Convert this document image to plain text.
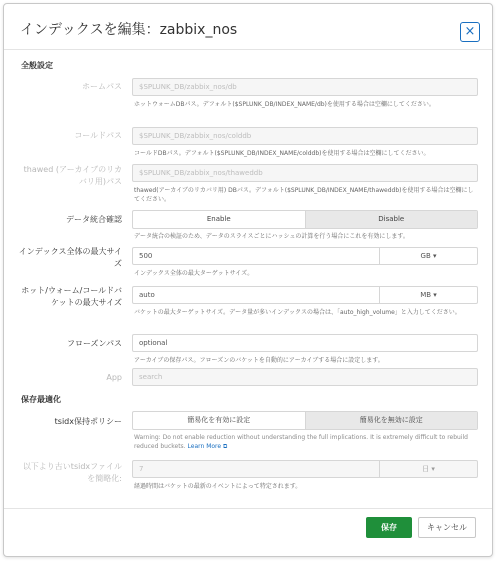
インデックスを編集：zabbix_nos	×
全般設定
ホームパス	$SPLUNK_DB/zabbix_nos/db
ホットウォームDBパス。デフォルト($SPLUNK_DB/INDEX_NAME/db)を使用する場合は空欄にしてください。
コールドパス	$SPLUNK_DB/zabbix_nos/colddb
コールドDBパス。デフォルト($SPLUNK_DB/INDEX_NAME/colddb)を使用する場合は空欄にしてください。
thawed (アーカイブのリカバリ用)パス
$SPLUNK_DB/zabbix_nos/thaweddb
thawed(アーカイブのリカバリ用) DBパス。デフォルト($SPLUNK_DB/INDEX_NAME/thaweddb)を使用する場合は空欄にしてください。
データ統合確認	Enable	Disable
データ統合の検証のため、データのスライスごとにハッシュの計算を行う場合にこれを有効にします。
インデックス全体の最大サイズ
500	GB ▾
インデックス全体の最大ターゲットサイズ。
ホット/ウォーム/コールドバケットの最大サイズ
auto	MB ▾
バケットの最大ターゲットサイズ。データ量が多いインデックスの場合は、「auto_high_volume」と入力してください。
フローズンパス	optional
アーカイブの保存パス。フローズンのバケットを自動的にアーカイブする場合に設定します。
App	search
保存最適化
tsidx保持ポリシー	簡易化を有効に設定	簡易化を無効に設定
Warning: Do not enable reduction without understanding the full implications. It is extremely difficult to rebuild reduced buckets. Learn More ⧉
以下より古いtsidxファイルを簡略化:
7	日 ▾
経過時間はバケットの最新のイベントによって特定されます。
保存	キャンセル
